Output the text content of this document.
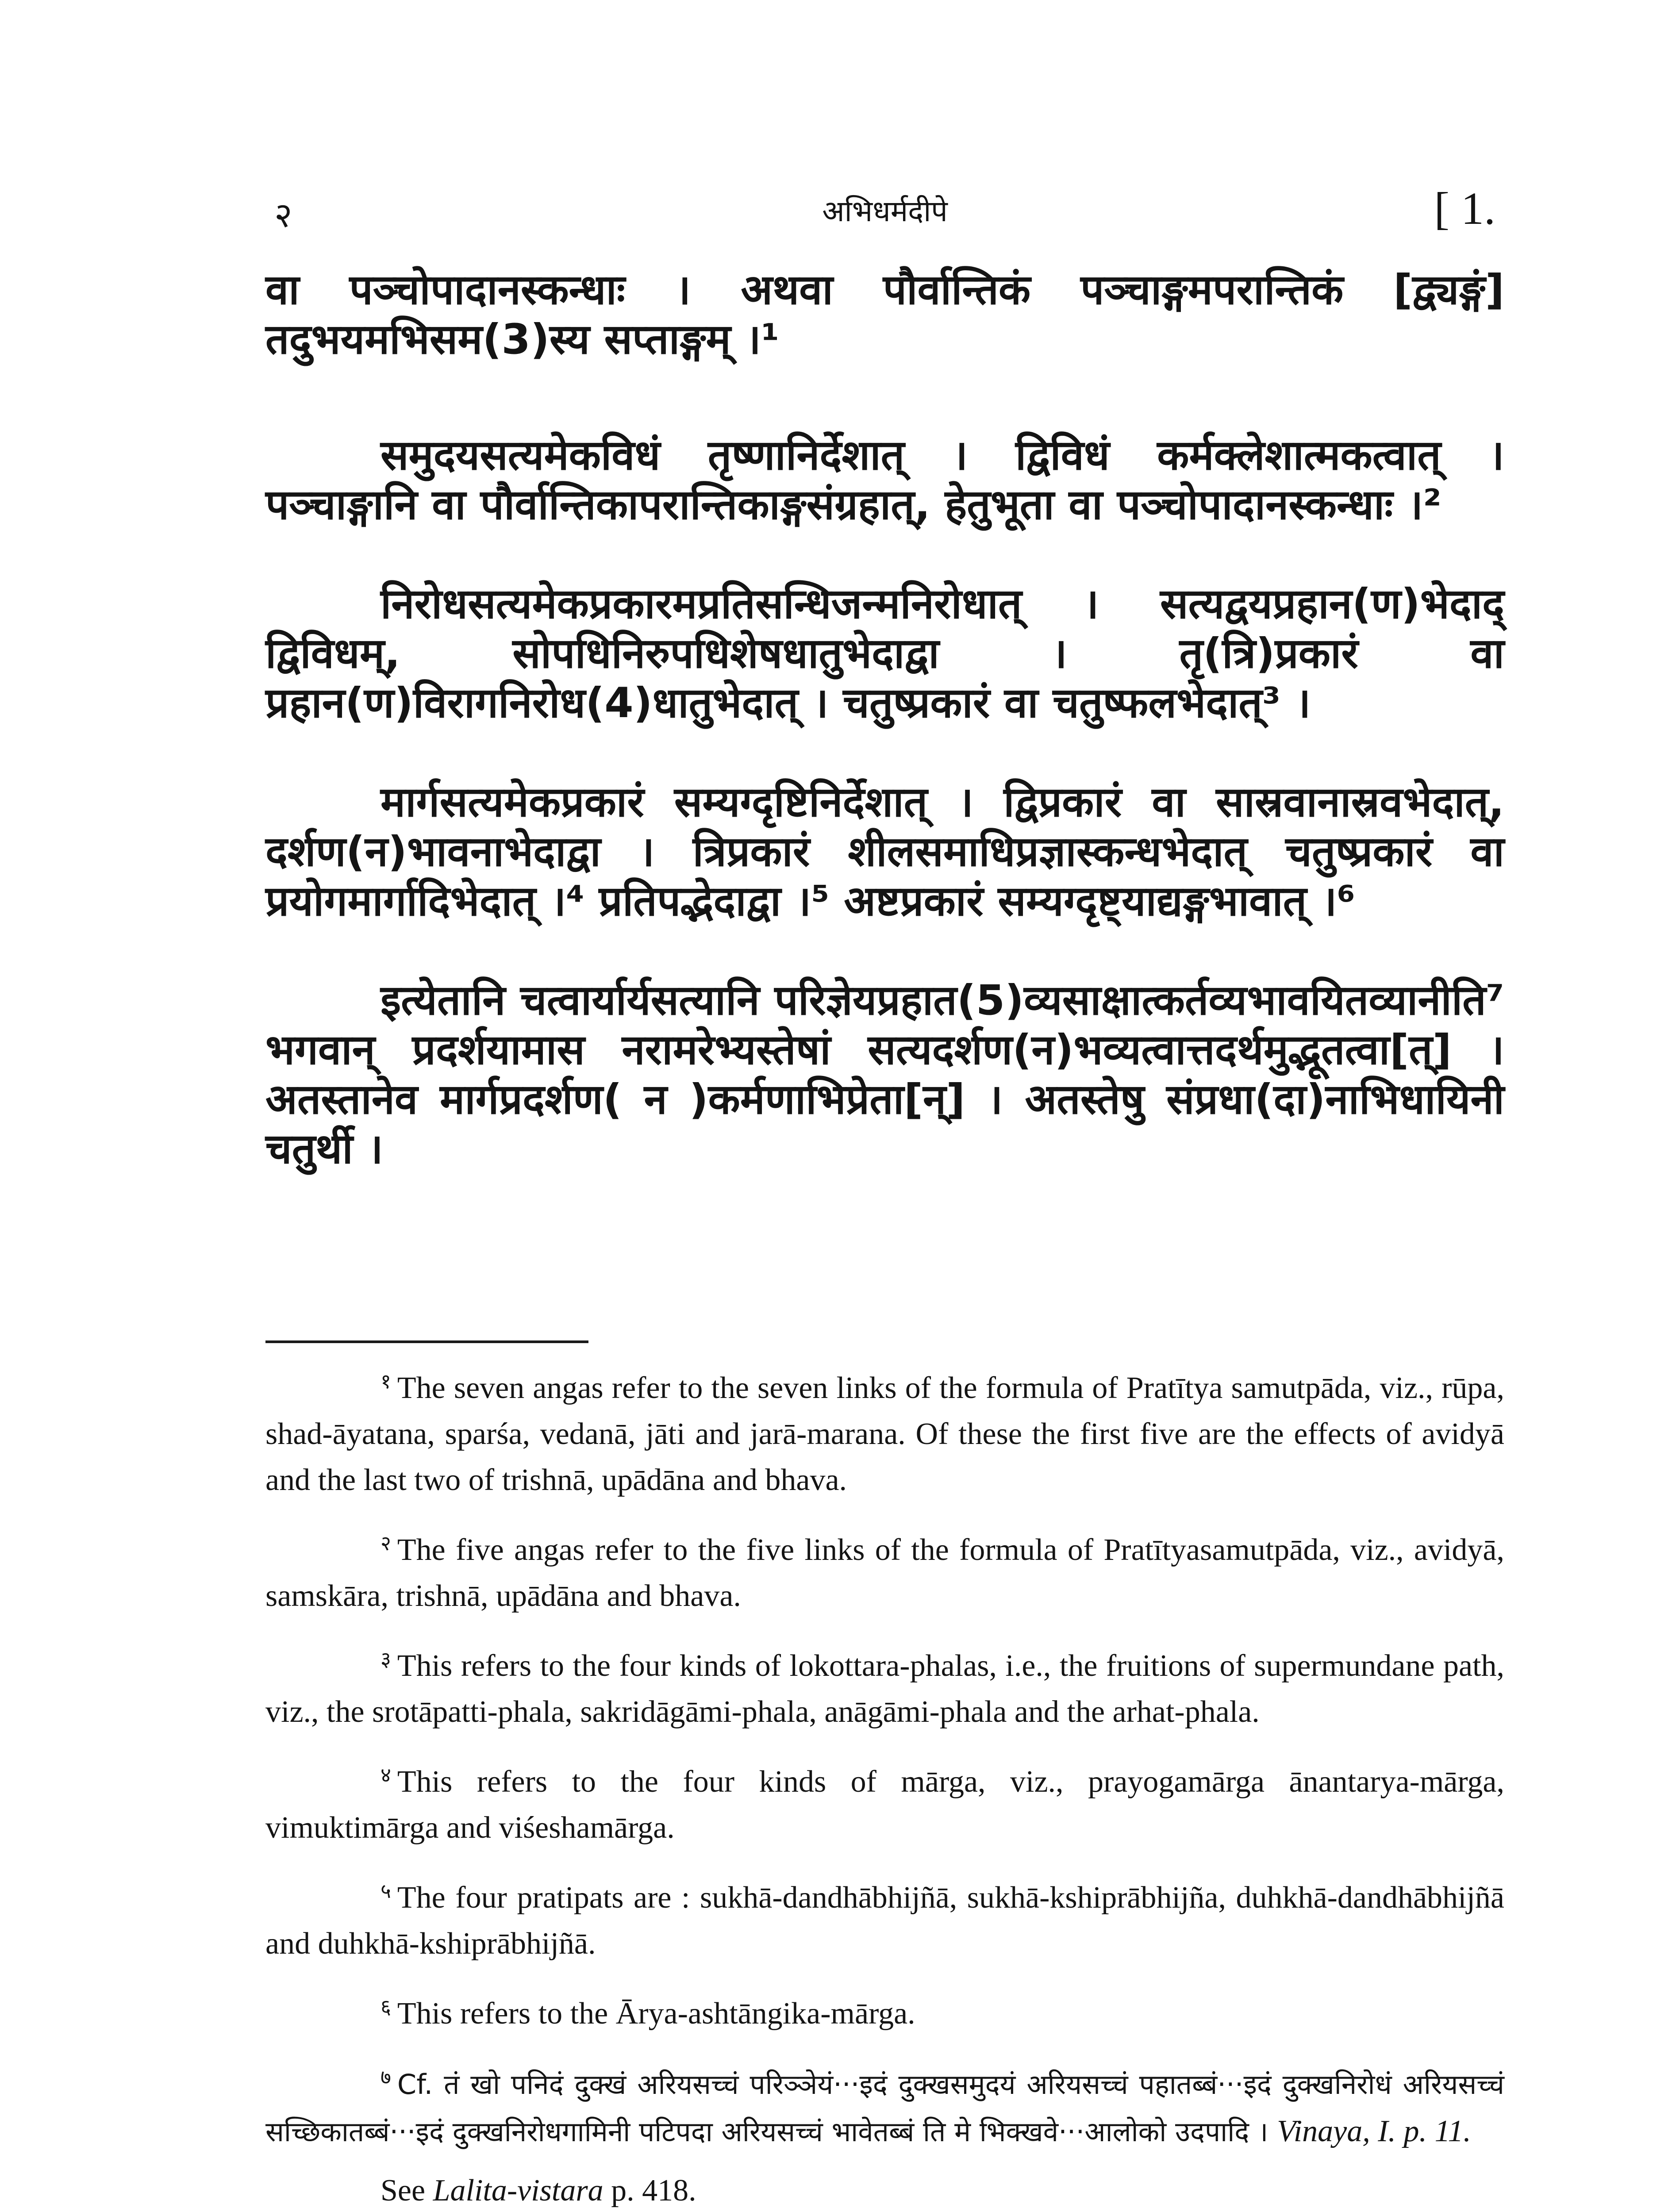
२	अभिधर्मदीपे	[ 1.

वा पञ्चोपादानस्कन्धाः । अथवा पौर्वान्तिकं पञ्चाङ्गमपरान्तिकं [द्व्यङ्गं] तदुभयमभिसम(3)स्य सप्ताङ्गम् ।¹

समुदयसत्यमेकविधं तृष्णानिर्देशात् । द्विविधं कर्मक्लेशात्मकत्वात् । पञ्चाङ्गानि वा पौर्वान्तिकापरान्तिकाङ्गसंग्रहात्, हेतुभूता वा पञ्चोपादानस्कन्धाः ।²

निरोधसत्यमेकप्रकारमप्रतिसन्धिजन्मनिरोधात् । सत्यद्वयप्रहान(ण)भेदाद् द्विविधम्, सोपधिनिरुपधिशेषधातुभेदाद्वा । तृ(त्रि)प्रकारं वा प्रहान(ण)विरागनिरोध(4)धातुभेदात् । चतुष्प्रकारं वा चतुष्फलभेदात्³ ।

मार्गसत्यमेकप्रकारं सम्यग्दृष्टिनिर्देशात् । द्विप्रकारं वा सास्रवानास्रवभेदात्, दर्शण(न)भावनाभेदाद्वा । त्रिप्रकारं शीलसमाधिप्रज्ञास्कन्धभेदात् चतुष्प्रकारं वा प्रयोगमार्गादिभेदात् ।⁴ प्रतिपद्भेदाद्वा ।⁵ अष्टप्रकारं सम्यग्दृष्ट्याद्यङ्गभावात् ।⁶

इत्येतानि चत्वार्यार्यसत्यानि परिज्ञेयप्रहात(5)व्यसाक्षात्कर्तव्यभावयितव्यानीति⁷ भगवान् प्रदर्शयामास नरामरेभ्यस्तेषां सत्यदर्शण(न)भव्यत्वात्तदर्थमुद्भूतत्वा[त्] । अतस्तानेव मार्गप्रदर्शण( न )कर्मणाभिप्रेता[न्] । अतस्तेषु संप्रधा(दा)नाभिधायिनी चतुर्थी ।

$^१$ The seven angas refer to the seven links of the formula of Pratītya samutpāda, viz., rūpa, shad-āyatana, sparśa, vedanā, jāti and jarā-marana. Of these the first five are the effects of avidyā and the last two of trishnā, upādāna and bhava.

$^२$ The five angas refer to the five links of the formula of Pratītyasamutpāda, viz., avidyā, samskāra, trishnā, upādāna and bhava.

$^३$ This refers to the four kinds of lokottara-phalas, i.e., the fruitions of supermundane path, viz., the srotāpatti-phala, sakridāgāmi-phala, anāgāmi-phala and the arhat-phala.

$^४$ This refers to the four kinds of mārga, viz., prayogamārga ānantarya-mārga, vimuktimārga and viśeshamārga.

$^५$ The four pratipats are : sukhā-dandhābhijñā, sukhā-kshiprābhijña, duhkhā-dandhābhijñā and duhkhā-kshiprābhijñā.

$^६$ This refers to the Ārya-ashtāngika-mārga.

$^७$ Cf. तं खो पनिदं दुक्खं अरियसच्चं परिञ्ञेयं···इदं दुक्खसमुदयं अरियसच्चं पहातब्बं···इदं दुक्खनिरोधं अरियसच्चं सच्छिकातब्बं···इदं दुक्खनिरोधगामिनी पटिपदा अरियसच्चं भावेतब्बं ति मे भिक्खवे···आलोको उदपादि । Vinaya, I. p. 11.

See Lalita-vistara p. 418.
